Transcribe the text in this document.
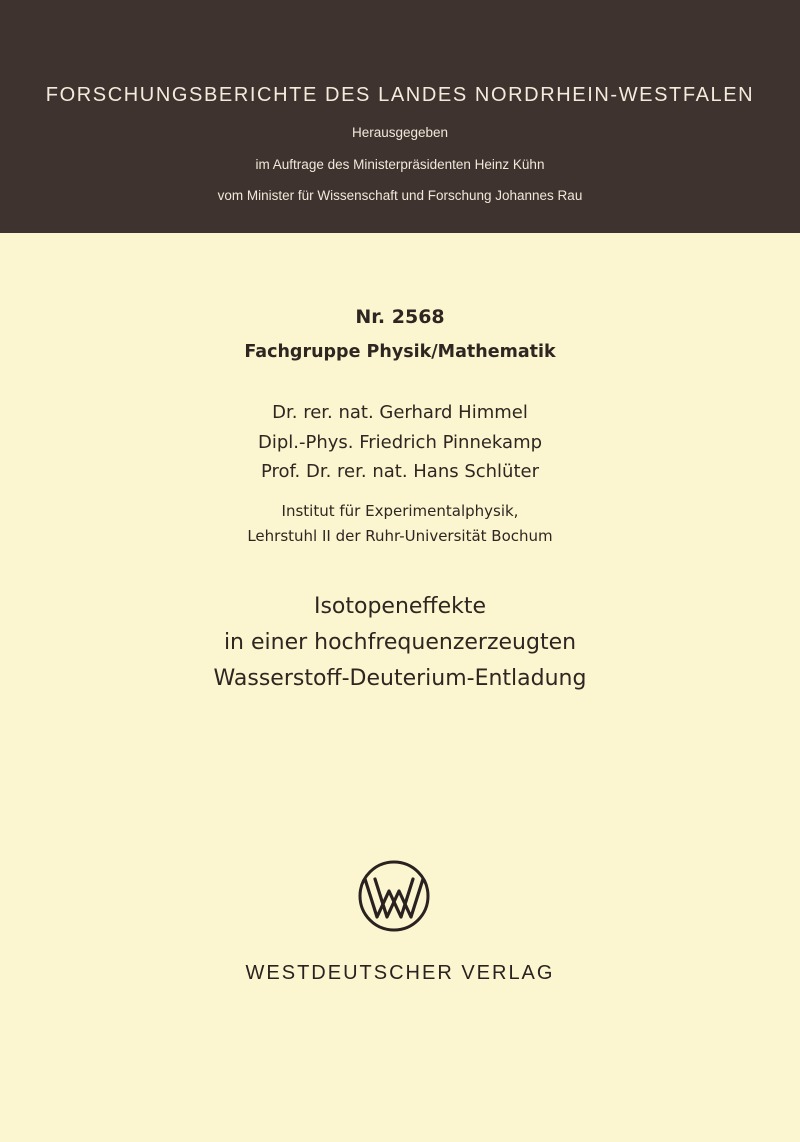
FORSCHUNGSBERICHTE DES LANDES NORDRHEIN-WESTFALEN
Herausgegeben
im Auftrage des Ministerpräsidenten Heinz Kühn
vom Minister für Wissenschaft und Forschung Johannes Rau
Nr. 2568
Fachgruppe Physik/Mathematik
Dr. rer. nat. Gerhard Himmel
Dipl.-Phys. Friedrich Pinnekamp
Prof. Dr. rer. nat. Hans Schlüter
Institut für Experimentalphysik,
Lehrstuhl II der Ruhr-Universität Bochum
Isotopeneffekte
in einer hochfrequenzerzeugten
Wasserstoff-Deuterium-Entladung
WESTDEUTSCHER VERLAG
